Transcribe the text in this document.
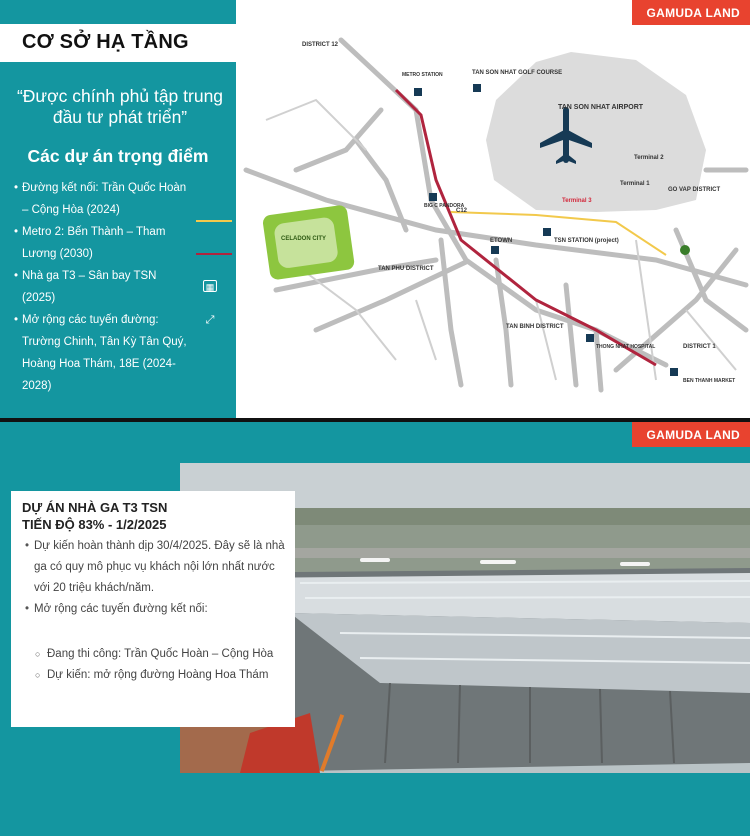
CƠ SỞ HẠ TẦNG
“Được chính phủ tập trung đầu tư phát triển”
Các dự án trọng điểm
• Đường kết nối: Trần Quốc Hoàn – Cộng Hòa (2024)
• Metro 2: Bến Thành – Tham Lương (2030)
• Nhà ga T3 – Sân bay TSN (2025)
• Mở rộng các tuyến đường: Trường Chinh, Tân Kỳ Tân Quý, Hoàng Hoa Thám, 18E (2024-2028)
▦
⤢
DISTRICT 12
TAN SON NHAT AIRPORT
TAN SON NHAT GOLF COURSE
Terminal 2
Terminal 1
Terminal 3
GO VAP DISTRICT
CELADON CITY
TAN PHU DISTRICT
TAN BINH DISTRICT
DISTRICT 1
ETOWN	TSN STATION (project)
METRO STATION
C12
BIG C PANDORA
BEN THANH MARKET
THONG NHAT HOSPITAL
GAMUDA LAND
DỰ ÁN NHÀ GA T3 TSN
TIẾN ĐỘ 83% - 1/2/2025
• Dự kiến hoàn thành dịp 30/4/2025. Đây sẽ là nhà ga có quy mô phục vụ khách nội lớn nhất nước với 20 triệu khách/năm.
• Mở rộng các tuyến đường kết nối:
○ Đang thi công: Trần Quốc Hoàn – Cộng Hòa
○ Dự kiến: mở rộng đường Hoàng Hoa Thám
GAMUDA LAND
